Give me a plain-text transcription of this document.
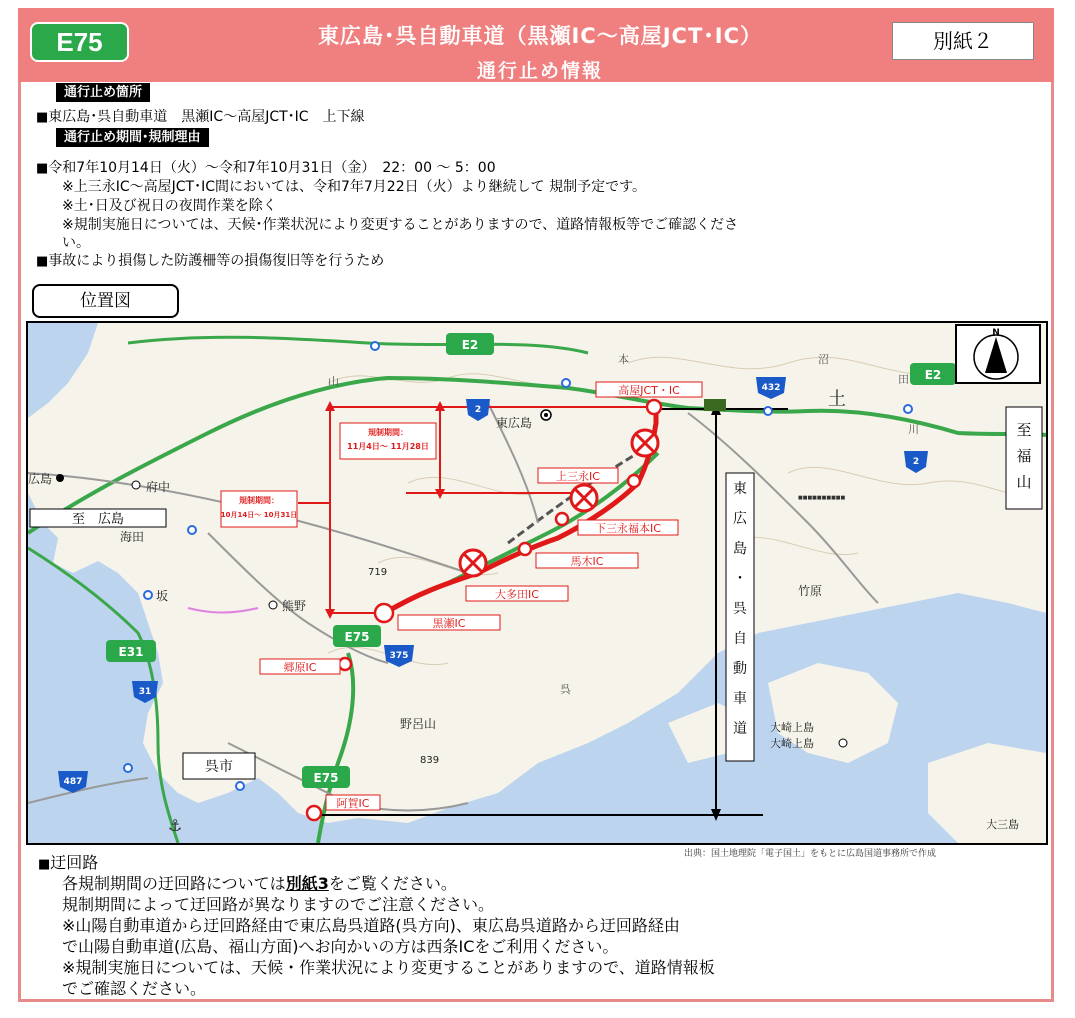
E75	東広島･呉自動車道（黒瀬IC～高屋JCT･IC）
通行止め情報
別紙２
通行止め箇所
■東広島･呉自動車道　黒瀬IC～高屋JCT･IC　上下線
通行止め期間･規制理由
■令和7年10月14日（火）～令和7年10月31日（金）　22：00 ～ 5：00
※上三永IC～高屋JCT･IC間においては、令和7年7月22日（火）より継続して 規制予定です。
※土･日及び祝日の夜間作業を除く
※規制実施日については、天候･作業状況により変更することがありますので、道路情報板等でご確認くださ
い。
■事故により損傷した防護柵等の損傷復旧等を行うため
位置図
規制期間：
10月14日～ 10月31日
規制期間：
11月4日～ 11月28日
高屋JCT・IC
上三永IC
下三永福本IC
馬木IC
大多田IC
黒瀬IC
郷原IC
阿賀IC
E2
E2
E75
E75
E31
2
2
432
375
31
487
東広島
府中
海田
坂
熊野
竹原
大崎上島
大崎上島
大三島
野呂山
広島
土
田
川
沼
山
本
呉
719
839
至　広島
呉市
至福山
東広島・呉自動車道
N
■■■■■■■■■■
⚓
出典：国土地理院「電子国土」をもとに広島国道事務所で作成
■迂回路
各規制期間の迂回路については別紙3をご覧ください。
規制期間によって迂回路が異なりますのでご注意ください。
※山陽自動車道から迂回路経由で東広島呉道路(呉方向)、東広島呉道路から迂回路経由
で山陽自動車道(広島、福山方面)へお向かいの方は西条ICをご利用ください。
※規制実施日については、天候・作業状況により変更することがありますので、道路情報板
でご確認ください。
